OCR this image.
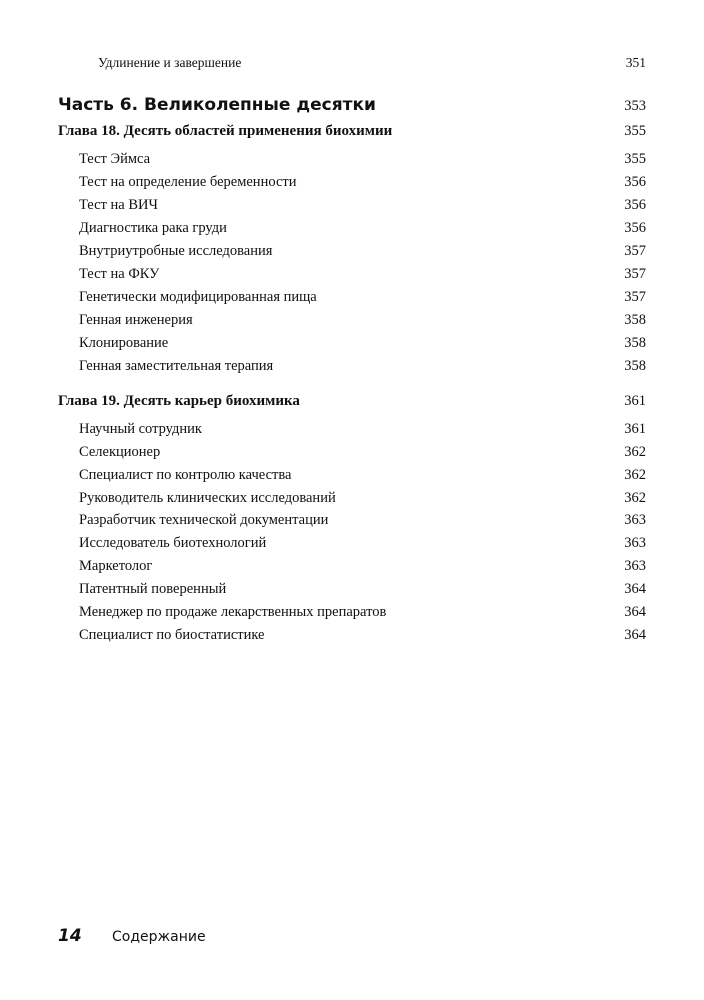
Удлинение и завершение	351
Часть 6. Великолепные десятки	353
Глава 18. Десять областей применения биохимии	355
Тест Эймса	355
Тест на определение беременности	356
Тест на ВИЧ	356
Диагностика рака груди	356
Внутриутробные исследования	357
Тест на ФКУ	357
Генетически модифицированная пища	357
Генная инженерия	358
Клонирование	358
Генная заместительная терапия	358
Глава 19. Десять карьер биохимика	361
Научный сотрудник	361
Селекционер	362
Специалист по контролю качества	362
Руководитель клинических исследований	362
Разработчик технической документации	363
Исследователь биотехнологий	363
Маркетолог	363
Патентный поверенный	364
Менеджер по продаже лекарственных препаратов	364
Специалист по биостатистике	364
14	Содержание
